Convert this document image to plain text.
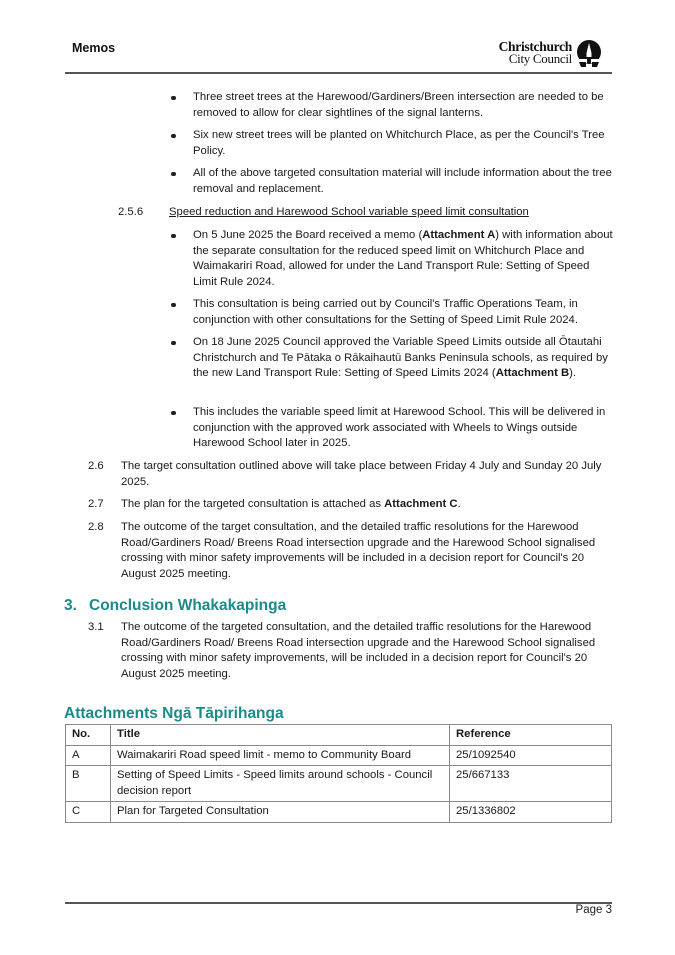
Memos	Christchurch
City Council
Three street trees at the Harewood/Gardiners/Breen intersection are needed to be removed to allow for clear sightlines of the signal lanterns.
Six new street trees will be planted on Whitchurch Place, as per the Council's Tree Policy.
All of the above targeted consultation material will include information about the tree removal and replacement.
2.5.6 Speed reduction and Harewood School variable speed limit consultation
On 5 June 2025 the Board received a memo (Attachment A) with information about the separate consultation for the reduced speed limit on Whitchurch Place and Waimakariri Road, allowed for under the Land Transport Rule: Setting of Speed Limit Rule 2024.
This consultation is being carried out by Council's Traffic Operations Team, in conjunction with other consultations for the Setting of Speed Limit Rule 2024.
On 18 June 2025 Council approved the Variable Speed Limits outside all Ōtautahi Christchurch and Te Pātaka o Rākaihautū Banks Peninsula schools, as required by the new Land Transport Rule: Setting of Speed Limits 2024 (Attachment B).
This includes the variable speed limit at Harewood School. This will be delivered in conjunction with the approved work associated with Wheels to Wings outside Harewood School later in 2025.
2.6 The target consultation outlined above will take place between Friday 4 July and Sunday 20 July 2025.
2.7 The plan for the targeted consultation is attached as Attachment C.
2.8 The outcome of the target consultation, and the detailed traffic resolutions for the Harewood Road/Gardiners Road/ Breens Road intersection upgrade and the Harewood School signalised crossing with minor safety improvements will be included in a decision report for Council's 20 August 2025 meeting.
3. Conclusion Whakakapinga
3.1 The outcome of the targeted consultation, and the detailed traffic resolutions for the Harewood Road/Gardiners Road/ Breens Road intersection upgrade and the Harewood School signalised crossing with minor safety improvements, will be included in a decision report for Council's 20 August 2025 meeting.
Attachments Ngā Tāpirihanga
No.	Title	Reference
A	Waimakariri Road speed limit - memo to Community Board	25/1092540
B	Setting of Speed Limits - Speed limits around schools - Council decision report	25/667133
C	Plan for Targeted Consultation	25/1336802
Page 3
